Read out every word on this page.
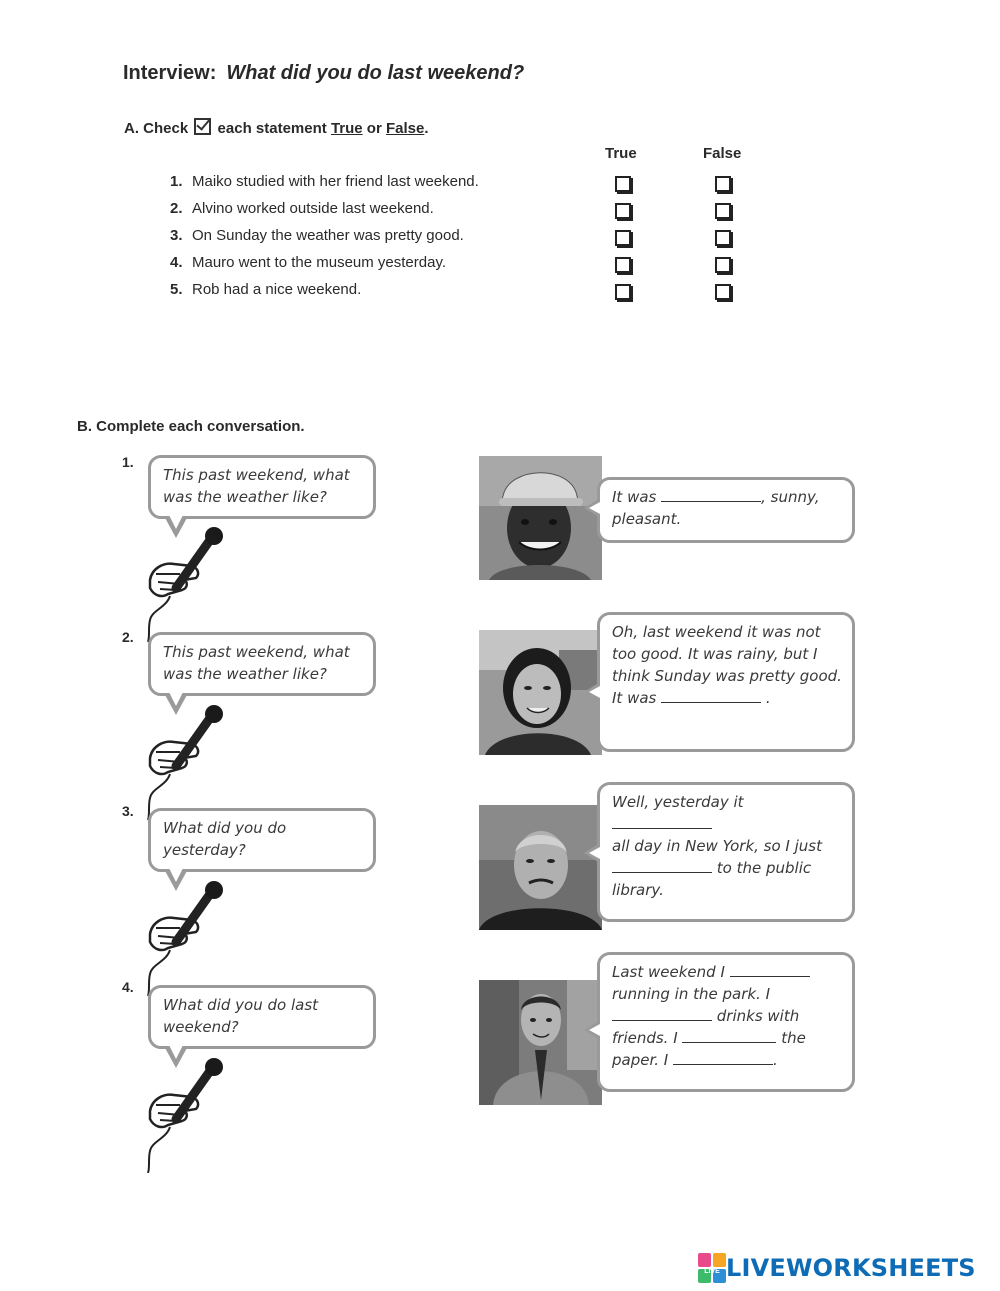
Interview: What did you do last weekend?
A. Check each statement True or False.
True	False
1. Maiko studied with her friend last weekend.
2. Alvino worked outside last weekend.
3. On Sunday the weather was pretty good.
4. Mauro went to the museum yesterday.
5. Rob had a nice weekend.
B. Complete each conversation.
1.
This past weekend, what
was the weather like?	It was	, sunny,
pleasant.
2.
This past weekend, what
was the weather like?
Oh, last weekend it was not
too good. It was rainy, but I
think Sunday was pretty good.
It was	.
3.
What did you do
yesterday?
Well, yesterday it
all day in New York, so I just
to the public
library.
4.
What did you do last
weekend?
Last weekend I
running in the park. I
drinks with
friends. I	the
paper. I	.
LIVE LIVEWORKSHEETS
